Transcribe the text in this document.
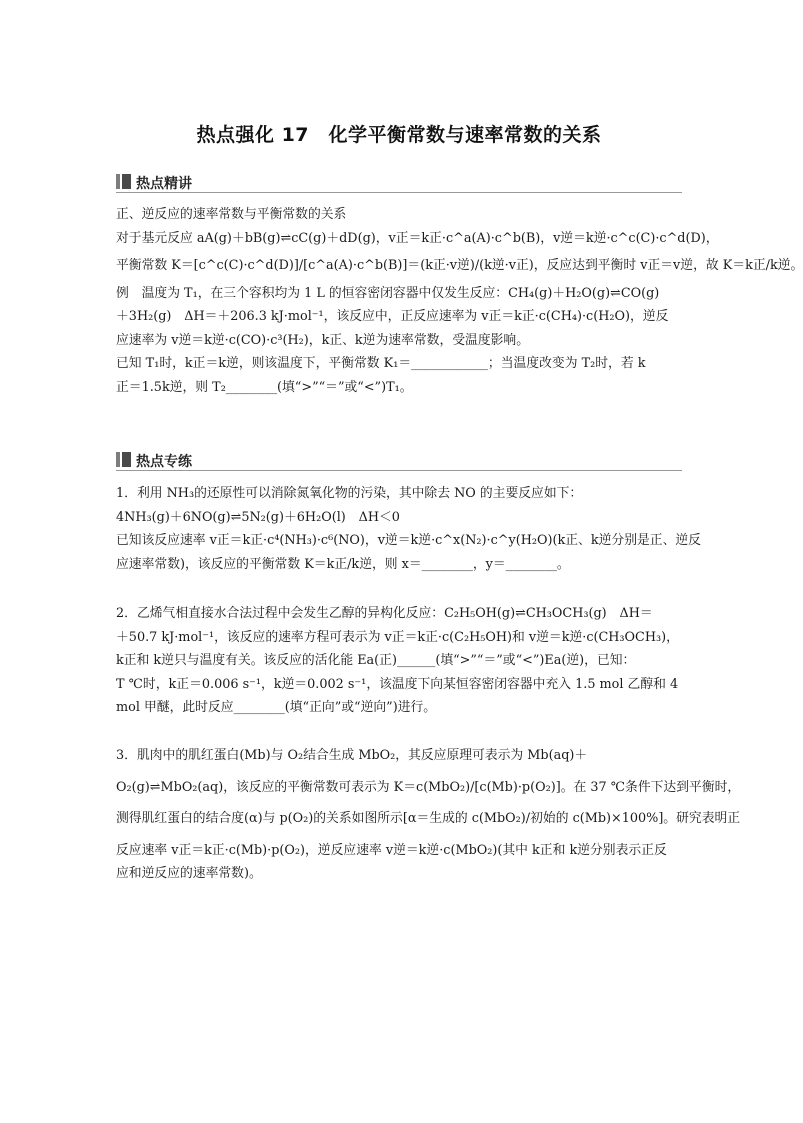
热点强化 17　化学平衡常数与速率常数的关系
热点精讲
正、逆反应的速率常数与平衡常数的关系
对于基元反应 aA(g)＋bB(g)⇌cC(g)＋dD(g)，v正＝k正·c^a(A)·c^b(B)，v逆＝k逆·c^c(C)·c^d(D)，
平衡常数 K＝[c^c(C)·c^d(D)]/[c^a(A)·c^b(B)]＝(k正·v逆)/(k逆·v正)，反应达到平衡时 v正＝v逆，故 K＝k正/k逆。
例　温度为 T₁，在三个容积均为 1 L 的恒容密闭容器中仅发生反应：CH₄(g)＋H₂O(g)⇌CO(g)
＋3H₂(g)　ΔH＝＋206.3 kJ·mol⁻¹，该反应中，正反应速率为 v正＝k正·c(CH₄)·c(H₂O)，逆反
应速率为 v逆＝k逆·c(CO)·c³(H₂)，k正、k逆为速率常数，受温度影响。
已知 T₁时，k正＝k逆，则该温度下，平衡常数 K₁＝____________；当温度改变为 T₂时，若 k
正＝1.5k逆，则 T₂________(填“>”“＝”或“<”)T₁。
热点专练
1．利用 NH₃的还原性可以消除氮氧化物的污染，其中除去 NO 的主要反应如下：
4NH₃(g)＋6NO(g)⇌5N₂(g)＋6H₂O(l)　ΔH＜0
已知该反应速率 v正＝k正·c⁴(NH₃)·c⁶(NO)，v逆＝k逆·c^x(N₂)·c^y(H₂O)(k正、k逆分别是正、逆反
应速率常数)，该反应的平衡常数 K＝k正/k逆，则 x＝________，y＝________。
2．乙烯气相直接水合法过程中会发生乙醇的异构化反应：C₂H₅OH(g)⇌CH₃OCH₃(g)　ΔH＝
＋50.7 kJ·mol⁻¹，该反应的速率方程可表示为 v正＝k正·c(C₂H₅OH)和 v逆＝k逆·c(CH₃OCH₃)，
k正和 k逆只与温度有关。该反应的活化能 Ea(正)______(填“>”“＝”或“<”)Ea(逆)，已知：
T ℃时，k正＝0.006 s⁻¹，k逆＝0.002 s⁻¹，该温度下向某恒容密闭容器中充入 1.5 mol 乙醇和 4
mol 甲醚，此时反应________(填“正向”或“逆向”)进行。
3．肌肉中的肌红蛋白(Mb)与 O₂结合生成 MbO₂，其反应原理可表示为 Mb(aq)＋
O₂(g)⇌MbO₂(aq)，该反应的平衡常数可表示为 K＝c(MbO₂)/[c(Mb)·p(O₂)]。在 37 ℃条件下达到平衡时，
测得肌红蛋白的结合度(α)与 p(O₂)的关系如图所示[α＝生成的 c(MbO₂)/初始的 c(Mb)×100%]。研究表明正
反应速率 v正＝k正·c(Mb)·p(O₂)，逆反应速率 v逆＝k逆·c(MbO₂)(其中 k正和 k逆分别表示正反
应和逆反应的速率常数)。
